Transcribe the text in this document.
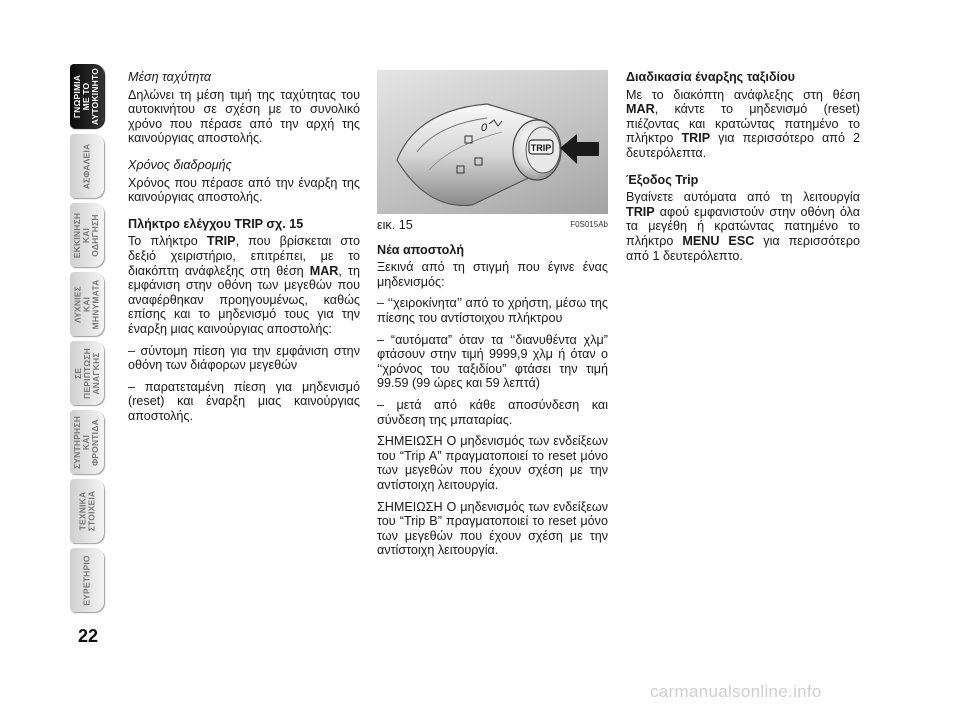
ΓΝΩΡΙΜΙΑ
ΜΕ ΤΟ
ΑΥΤΟΚΙΝΗΤΟ
ΑΣΦΑΛΕΙΑ
ΕΚΚΙΝΗΣΗ
ΚΑΙ
ΟΔΗΓΗΣΗ
ΛΥΧΝΙΕΣ
ΚΑΙ
ΜΗΝΥΜΑΤΑ
ΣΕ
ΠΕΡΙΠΤΩΣΗ
ΑΝΑΓΚΗΣ
ΣΥΝΤΗΡΗΣΗ
ΚΑΙ
ΦΡΟΝΤΙΔΑ
ΤΕΧΝΙΚΑ
ΣΤΟΙΧΕΙΑ
ΕΥΡΕΤΗΡΙΟ
22

Μέση ταχύτητα

Δηλώνει τη μέση τιμή της ταχύτητας του αυτοκινήτου σε σχέση με το συνολικό χρόνο που πέρασε από την αρχή της καινούργιας αποστολής.

Χρόνος διαδρομής

Χρόνος που πέρασε από την έναρξη της καινούργιας αποστολής.

Πλήκτρο ελέγχου TRIP σχ. 15

Το πλήκτρο TRIP, που βρίσκεται στο δεξιό χειριστήριο, επιτρέπει, με το διακόπτη ανάφλεξης στη θέση MAR, τη εμφάνιση στην οθόνη των μεγεθών που αναφέρθηκαν προηγουμένως, καθώς επίσης και το μηδενισμό τους για την έναρξη μιας καινούργιας αποστολής:

– σύντομη πίεση για την εμφάνιση στην οθόνη των διάφορων μεγεθών

– παρατεταμένη πίεση για μηδενισμό (reset) και έναρξη μιας καινούργιας αποστολής.

0
TRIP
εικ. 15	F0S015Ab

Νέα αποστολή

Ξεκινά από τη στιγμή που έγινε ένας μηδενισμός:

– ‘‘χειροκίνητα’’ από το χρήστη, μέσω της πίεσης του αντίστοιχου πλήκτρου

– “αυτόματα” όταν τα ‘‘διανυθέντα χλμ” φτάσουν στην τιμή 9999,9 χλμ ή όταν ο ‘‘χρόνος του ταξιδίου” φτάσει την τιμή 99.59 (99 ώρες και 59 λεπτά)

– μετά από κάθε αποσύνδεση και σύνδεση της μπαταρίας.

ΣΗΜΕΙΩΣΗ Ο μηδενισμός των ενδείξεων του “Trip A” πραγματοποιεί το reset μόνο των μεγεθών που έχουν σχέση με την αντίστοιχη λειτουργία.

ΣΗΜΕΙΩΣΗ Ο μηδενισμός των ενδείξεων του “Trip B” πραγματοποιεί το reset μόνο των μεγεθών που έχουν σχέση με την αντίστοιχη λειτουργία.

Διαδικασία έναρξης ταξιδίου

Με το διακόπτη ανάφλεξης στη θέση MAR, κάντε το μηδενισμό (reset) πιέζοντας και κρατώντας πατημένο το πλήκτρο TRIP για περισσότερο από 2 δευτερόλεπτα.

Έξοδος Trip

Βγαίνετε αυτόματα από τη λειτουργία TRIP αφού εμφανιστούν στην οθόνη όλα τα μεγέθη ή κρατώντας πατημένο το πλήκτρο MENU ESC για περισσότερο από 1 δευτερόλεπτο.

carmanualsonline.info
